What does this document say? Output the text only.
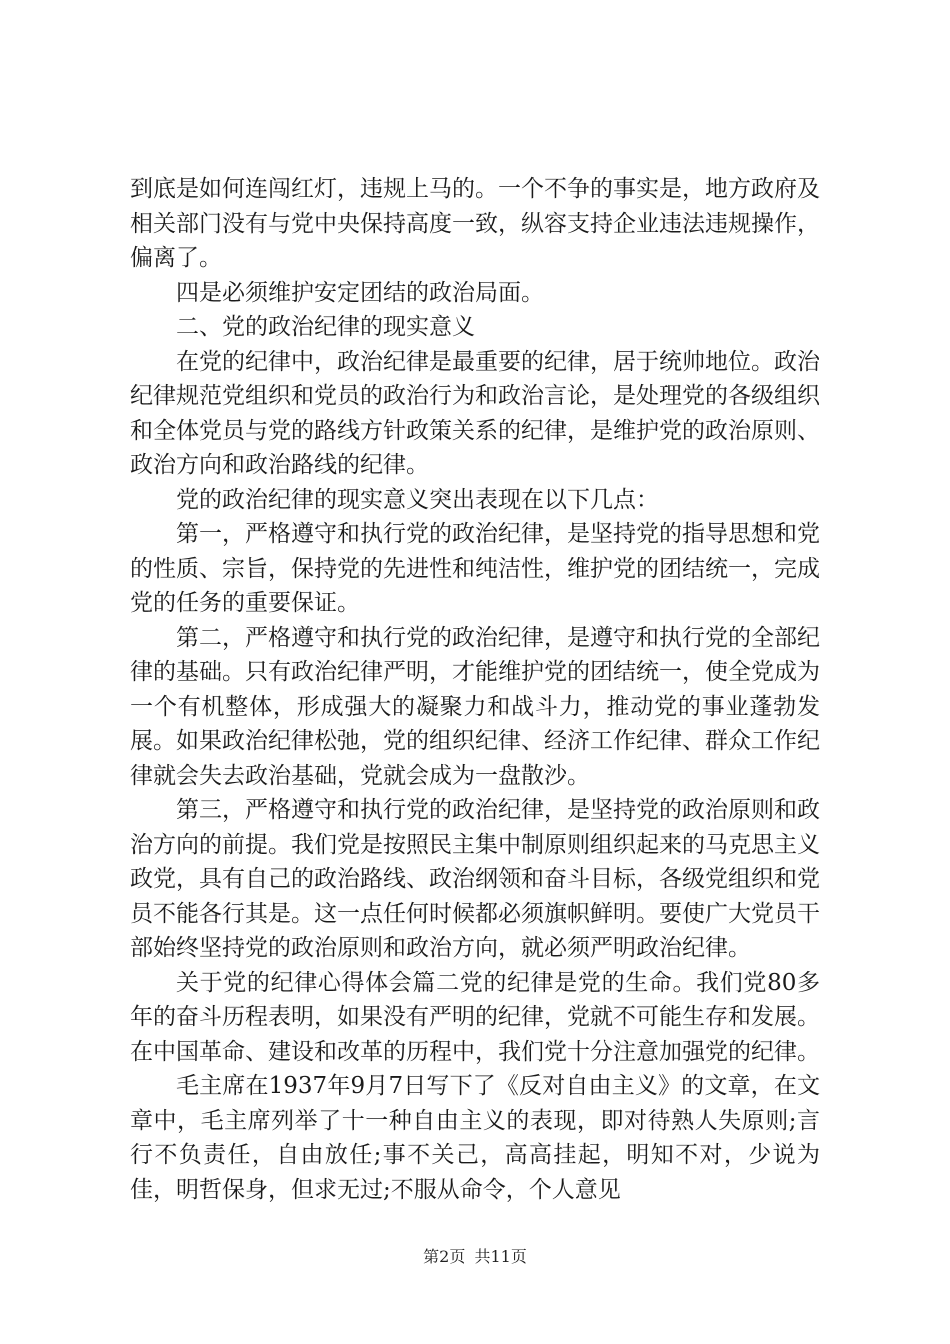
到底是如何连闯红灯，违规上马的。一个不争的事实是，地方政府及相关部门没有与党中央保持高度一致，纵容支持企业违法违规操作，偏离了。

四是必须维护安定团结的政治局面。

二、党的政治纪律的现实意义

在党的纪律中，政治纪律是最重要的纪律，居于统帅地位。政治纪律规范党组织和党员的政治行为和政治言论，是处理党的各级组织和全体党员与党的路线方针政策关系的纪律，是维护党的政治原则、政治方向和政治路线的纪律。

党的政治纪律的现实意义突出表现在以下几点：

第一，严格遵守和执行党的政治纪律，是坚持党的指导思想和党的性质、宗旨，保持党的先进性和纯洁性，维护党的团结统一，完成党的任务的重要保证。

第二，严格遵守和执行党的政治纪律，是遵守和执行党的全部纪律的基础。只有政治纪律严明，才能维护党的团结统一，使全党成为一个有机整体，形成强大的凝聚力和战斗力，推动党的事业蓬勃发展。如果政治纪律松弛，党的组织纪律、经济工作纪律、群众工作纪律就会失去政治基础，党就会成为一盘散沙。

第三，严格遵守和执行党的政治纪律，是坚持党的政治原则和政治方向的前提。我们党是按照民主集中制原则组织起来的马克思主义政党，具有自己的政治路线、政治纲领和奋斗目标，各级党组织和党员不能各行其是。这一点任何时候都必须旗帜鲜明。要使广大党员干部始终坚持党的政治原则和政治方向，就必须严明政治纪律。

关于党的纪律心得体会篇二党的纪律是党的生命。我们党80多年的奋斗历程表明，如果没有严明的纪律，党就不可能生存和发展。在中国革命、建设和改革的历程中，我们党十分注意加强党的纪律。

毛主席在1937年9月7日写下了《反对自由主义》的文章，在文章中，毛主席列举了十一种自由主义的表现，即对待熟人失原则;言行不负责任，自由放任;事不关己，高高挂起，明知不对，少说为佳，明哲保身，但求无过;不服从命令，个人意见

第2页 共11页
